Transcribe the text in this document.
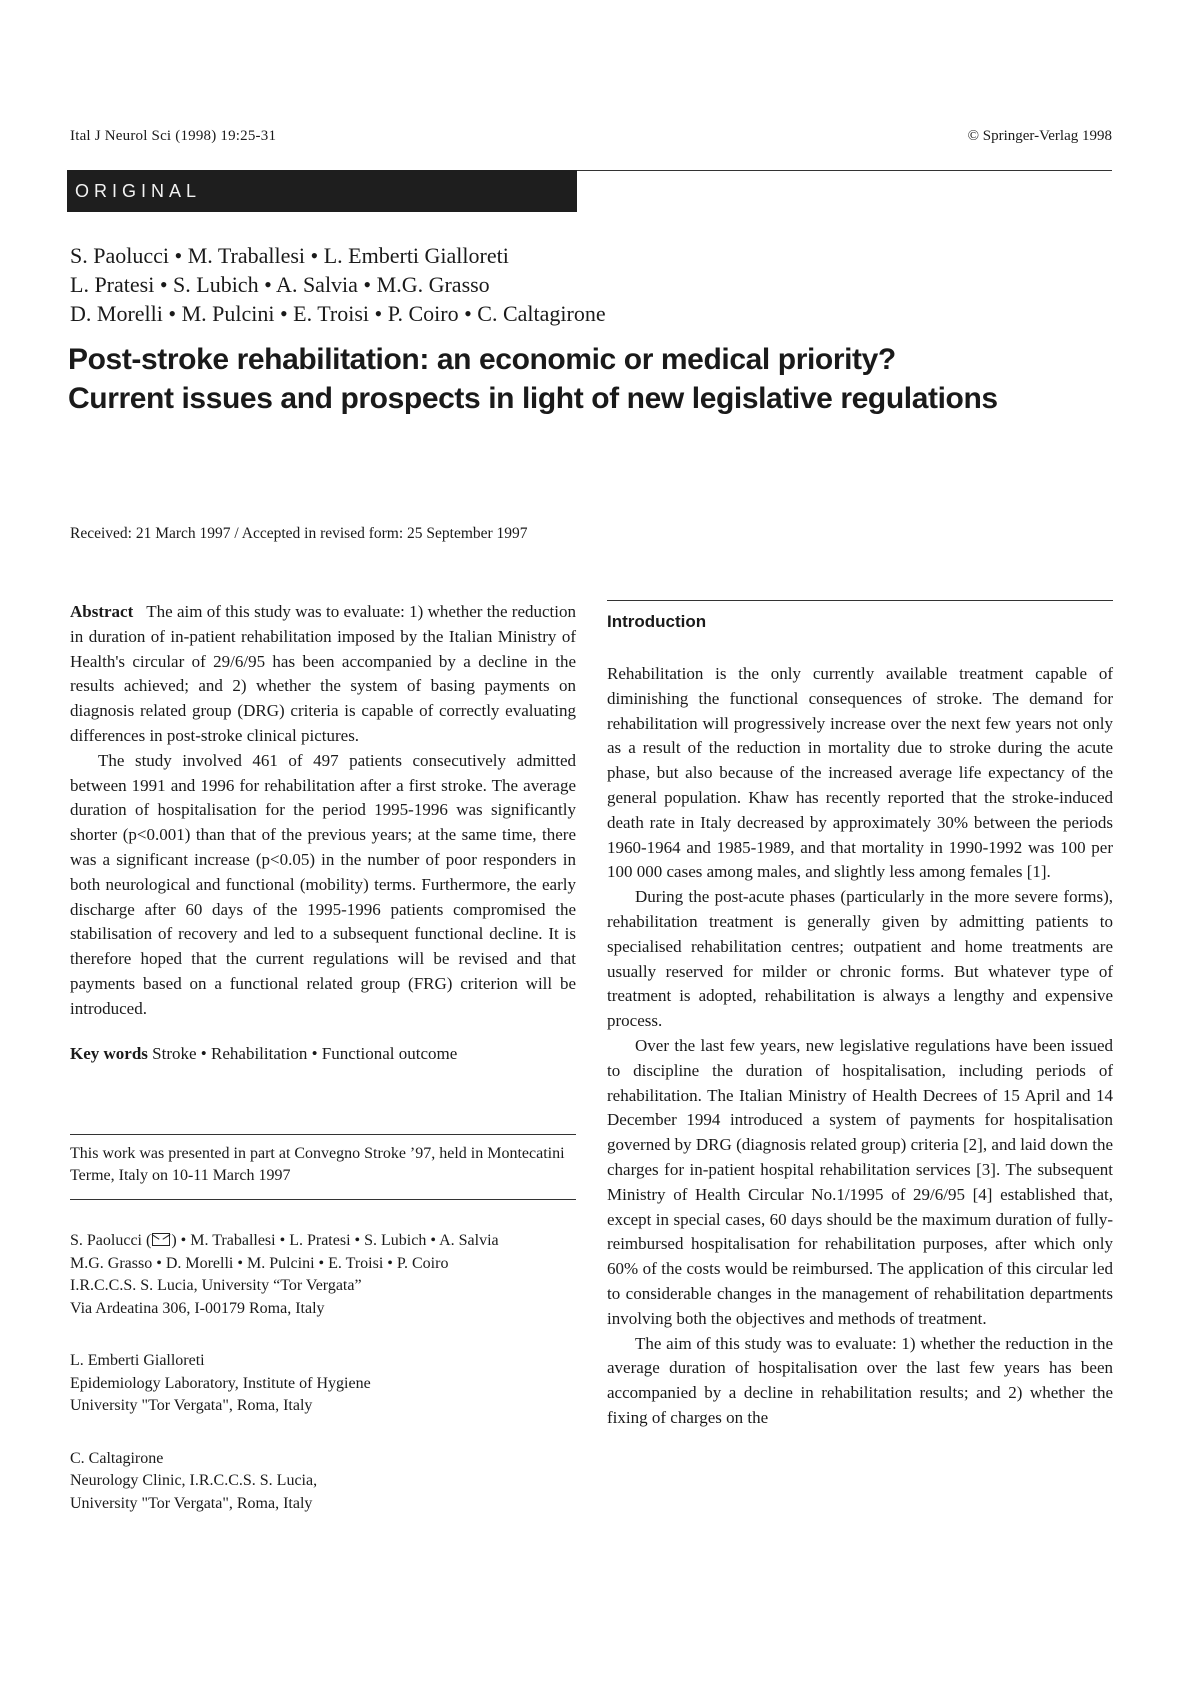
Ital J Neurol Sci (1998) 19:25-31	© Springer-Verlag 1998
ORIGINAL
S. Paolucci • M. Traballesi • L. Emberti Gialloreti
L. Pratesi • S. Lubich • A. Salvia • M.G. Grasso
D. Morelli • M. Pulcini • E. Troisi • P. Coiro • C. Caltagirone
Post-stroke rehabilitation: an economic or medical priority?
Current issues and prospects in light of new legislative regulations
Received: 21 March 1997 / Accepted in revised form: 25 September 1997

Abstract The aim of this study was to evaluate: 1) whether the reduction in duration of in-patient rehabilitation imposed by the Italian Ministry of Health's circular of 29/6/95 has been accompanied by a decline in the results achieved; and 2) whether the system of basing payments on diagnosis related group (DRG) criteria is capable of correctly evaluating differences in post-stroke clinical pictures.

The study involved 461 of 497 patients consecutively admitted between 1991 and 1996 for rehabilitation after a first stroke. The average duration of hospitalisation for the period 1995-1996 was significantly shorter (p<0.001) than that of the previous years; at the same time, there was a significant increase (p<0.05) in the number of poor responders in both neurological and functional (mobility) terms. Furthermore, the early discharge after 60 days of the 1995-1996 patients compromised the stabilisation of recovery and led to a subsequent functional decline. It is therefore hoped that the current regulations will be revised and that payments based on a functional related group (FRG) criterion will be introduced.

Key words Stroke • Rehabilitation • Functional outcome
This work was presented in part at Convegno Stroke ’97, held in Montecatini Terme, Italy on 10-11 March 1997
S. Paolucci ( ) • M. Traballesi • L. Pratesi • S. Lubich • A. Salvia
M.G. Grasso • D. Morelli • M. Pulcini • E. Troisi • P. Coiro
I.R.C.C.S. S. Lucia, University “Tor Vergata”
Via Ardeatina 306, I-00179 Roma, Italy
L. Emberti Gialloreti
Epidemiology Laboratory, Institute of Hygiene
University "Tor Vergata", Roma, Italy
C. Caltagirone
Neurology Clinic, I.R.C.C.S. S. Lucia,
University "Tor Vergata", Roma, Italy
Introduction

Rehabilitation is the only currently available treatment capable of diminishing the functional consequences of stroke. The demand for rehabilitation will progressively increase over the next few years not only as a result of the reduction in mortality due to stroke during the acute phase, but also because of the increased average life expectancy of the general population. Khaw has recently reported that the stroke-induced death rate in Italy decreased by approximately 30% between the periods 1960-1964 and 1985-1989, and that mortality in 1990-1992 was 100 per 100 000 cases among males, and slightly less among females [1].

During the post-acute phases (particularly in the more severe forms), rehabilitation treatment is generally given by admitting patients to specialised rehabilitation centres; outpatient and home treatments are usually reserved for milder or chronic forms. But whatever type of treatment is adopted, rehabilitation is always a lengthy and expensive process.

Over the last few years, new legislative regulations have been issued to discipline the duration of hospitalisation, including periods of rehabilitation. The Italian Ministry of Health Decrees of 15 April and 14 December 1994 introduced a system of payments for hospitalisation governed by DRG (diagnosis related group) criteria [2], and laid down the charges for in-patient hospital rehabilitation services [3]. The subsequent Ministry of Health Circular No.1/1995 of 29/6/95 [4] established that, except in special cases, 60 days should be the maximum duration of fully-reimbursed hospitalisation for rehabilitation purposes, after which only 60% of the costs would be reimbursed. The application of this circular led to considerable changes in the management of rehabilitation departments involving both the objectives and methods of treatment.

The aim of this study was to evaluate: 1) whether the reduction in the average duration of hospitalisation over the last few years has been accompanied by a decline in rehabilitation results; and 2) whether the fixing of charges on the
